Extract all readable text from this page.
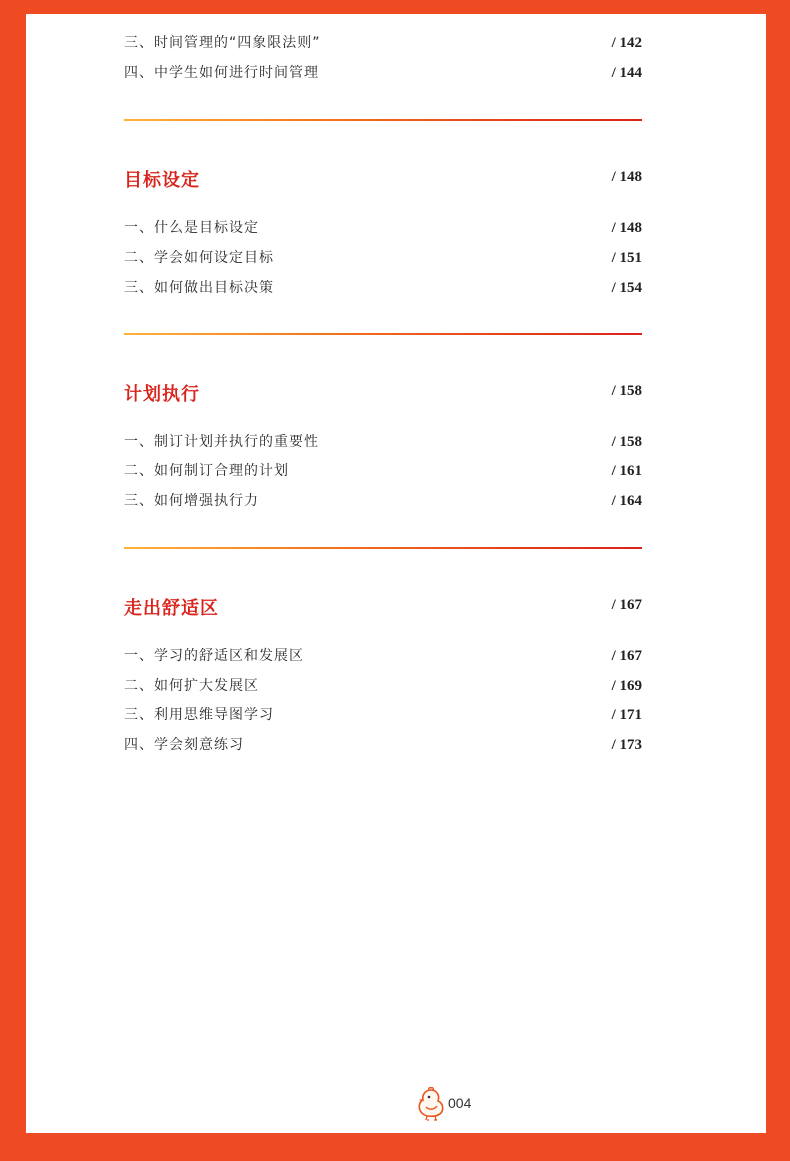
三、时间管理的“四象限法则”	/ 142
四、中学生如何进行时间管理	/ 144
目标设定	/ 148
一、什么是目标设定	/ 148
二、学会如何设定目标	/ 151
三、如何做出目标决策	/ 154
计划执行	/ 158
一、制订计划并执行的重要性	/ 158
二、如何制订合理的计划	/ 161
三、如何增强执行力	/ 164
走出舒适区	/ 167
一、学习的舒适区和发展区	/ 167
二、如何扩大发展区	/ 169
三、利用思维导图学习	/ 171
四、学会刻意练习	/ 173
004
